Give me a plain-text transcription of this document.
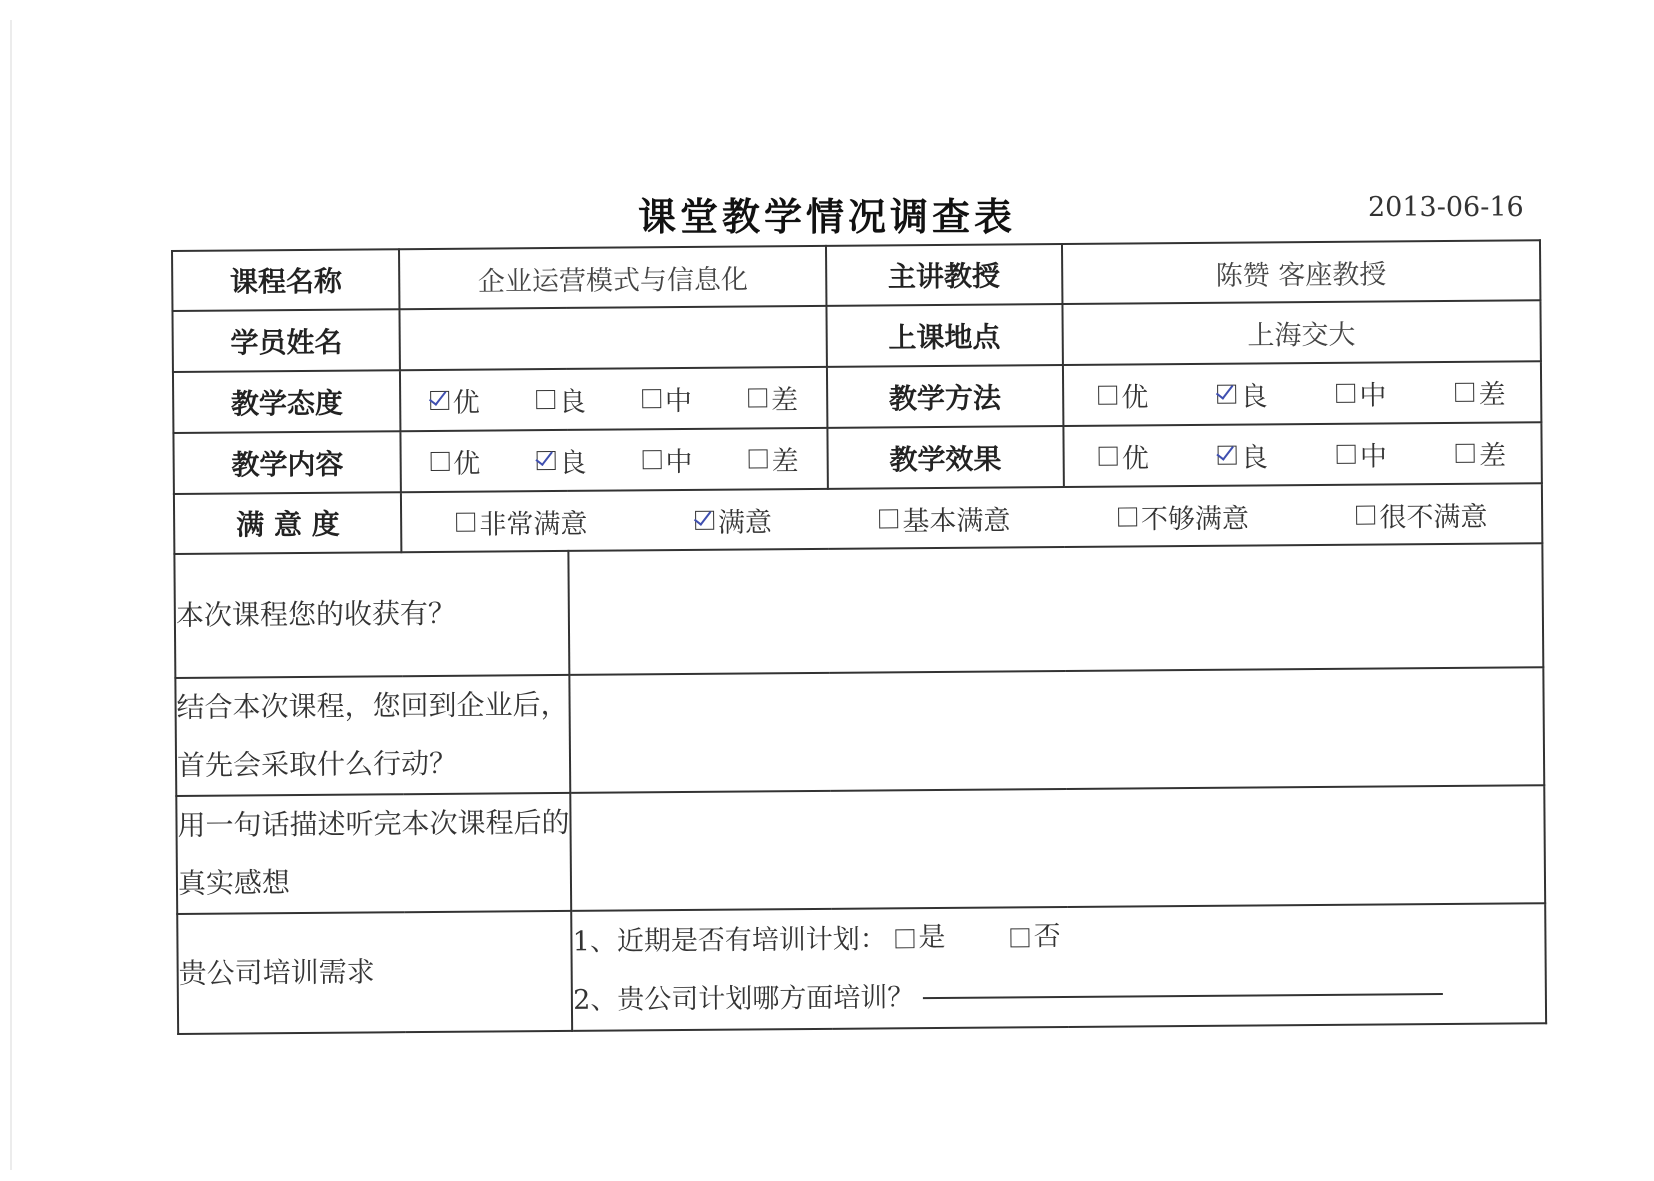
课堂教学情况调查表	2013-06-16
课程名称	企业运营模式与信息化		主讲教授	陈赞 客座教授
学员姓名			上课地点	上海交大
教学态度	优 良 中 差		教学方法	优 良 中 差

教学内容	优 良 中 差		教学效果	优 良 中 差

满 意 度	非常满意 满意 基本满意 不够满意 很不满意			

本次课程您的收获有？				
结合本次课程，您回到企业后，首先会采取什么行动？				
用一句话描述听完本次课程后的真实感想				
贵公司培训需求		1、近期是否有培训计划： 是
否
2、贵公司计划哪方面培训？		
